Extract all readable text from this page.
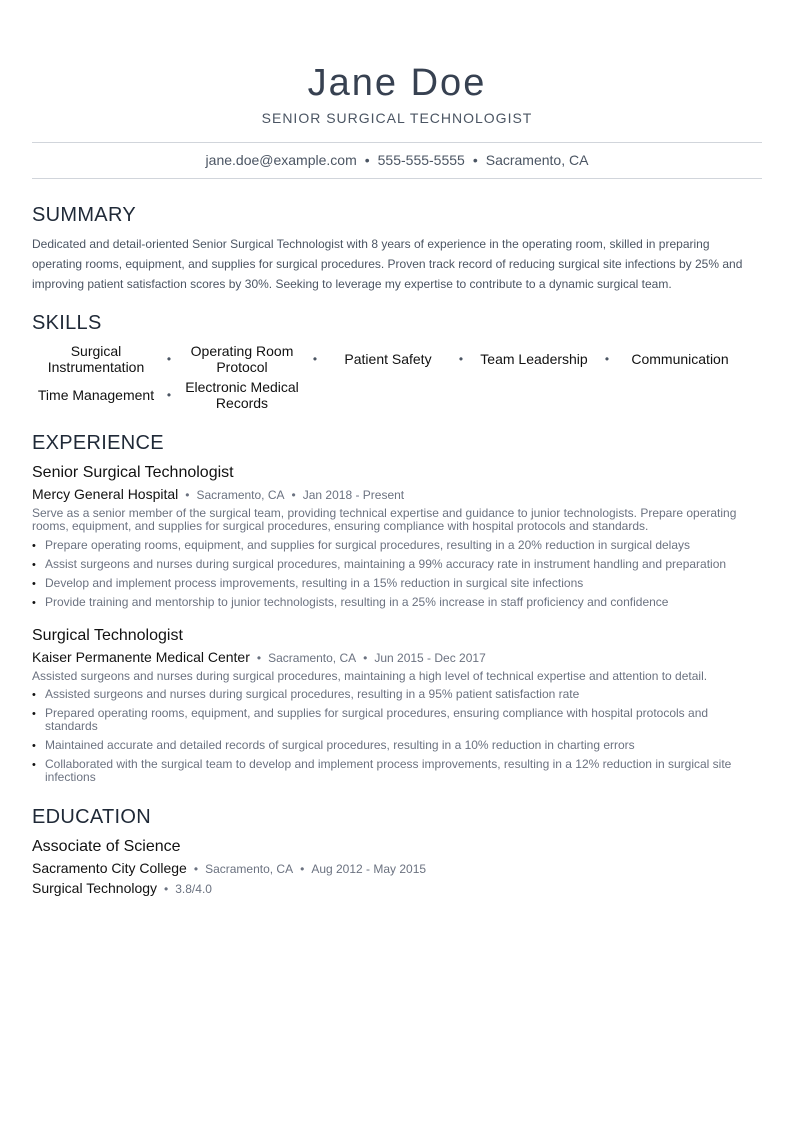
Jane Doe
SENIOR SURGICAL TECHNOLOGIST
jane.doe@example.com • 555-555-5555 • Sacramento, CA
SUMMARY
Dedicated and detail-oriented Senior Surgical Technologist with 8 years of experience in the operating room, skilled in preparing operating rooms, equipment, and supplies for surgical procedures. Proven track record of reducing surgical site infections by 25% and improving patient satisfaction scores by 30%. Seeking to leverage my expertise to contribute to a dynamic surgical team.
SKILLS
Surgical Instrumentation	•	Operating Room Protocol	•	Patient Safety	•	Team Leadership	•	Communication
Time Management	•	Electronic Medical Records
EXPERIENCE
Senior Surgical Technologist
Mercy General Hospital • Sacramento, CA • Jan 2018 - Present
Serve as a senior member of the surgical team, providing technical expertise and guidance to junior technologists. Prepare operating rooms, equipment, and supplies for surgical procedures, ensuring compliance with hospital protocols and standards.
• Prepare operating rooms, equipment, and supplies for surgical procedures, resulting in a 20% reduction in surgical delays
• Assist surgeons and nurses during surgical procedures, maintaining a 99% accuracy rate in instrument handling and preparation
• Develop and implement process improvements, resulting in a 15% reduction in surgical site infections
• Provide training and mentorship to junior technologists, resulting in a 25% increase in staff proficiency and confidence
Surgical Technologist
Kaiser Permanente Medical Center • Sacramento, CA • Jun 2015 - Dec 2017
Assisted surgeons and nurses during surgical procedures, maintaining a high level of technical expertise and attention to detail.
• Assisted surgeons and nurses during surgical procedures, resulting in a 95% patient satisfaction rate
• Prepared operating rooms, equipment, and supplies for surgical procedures, ensuring compliance with hospital protocols and standards
• Maintained accurate and detailed records of surgical procedures, resulting in a 10% reduction in charting errors
• Collaborated with the surgical team to develop and implement process improvements, resulting in a 12% reduction in surgical site infections
EDUCATION
Associate of Science
Sacramento City College • Sacramento, CA • Aug 2012 - May 2015
Surgical Technology • 3.8/4.0
